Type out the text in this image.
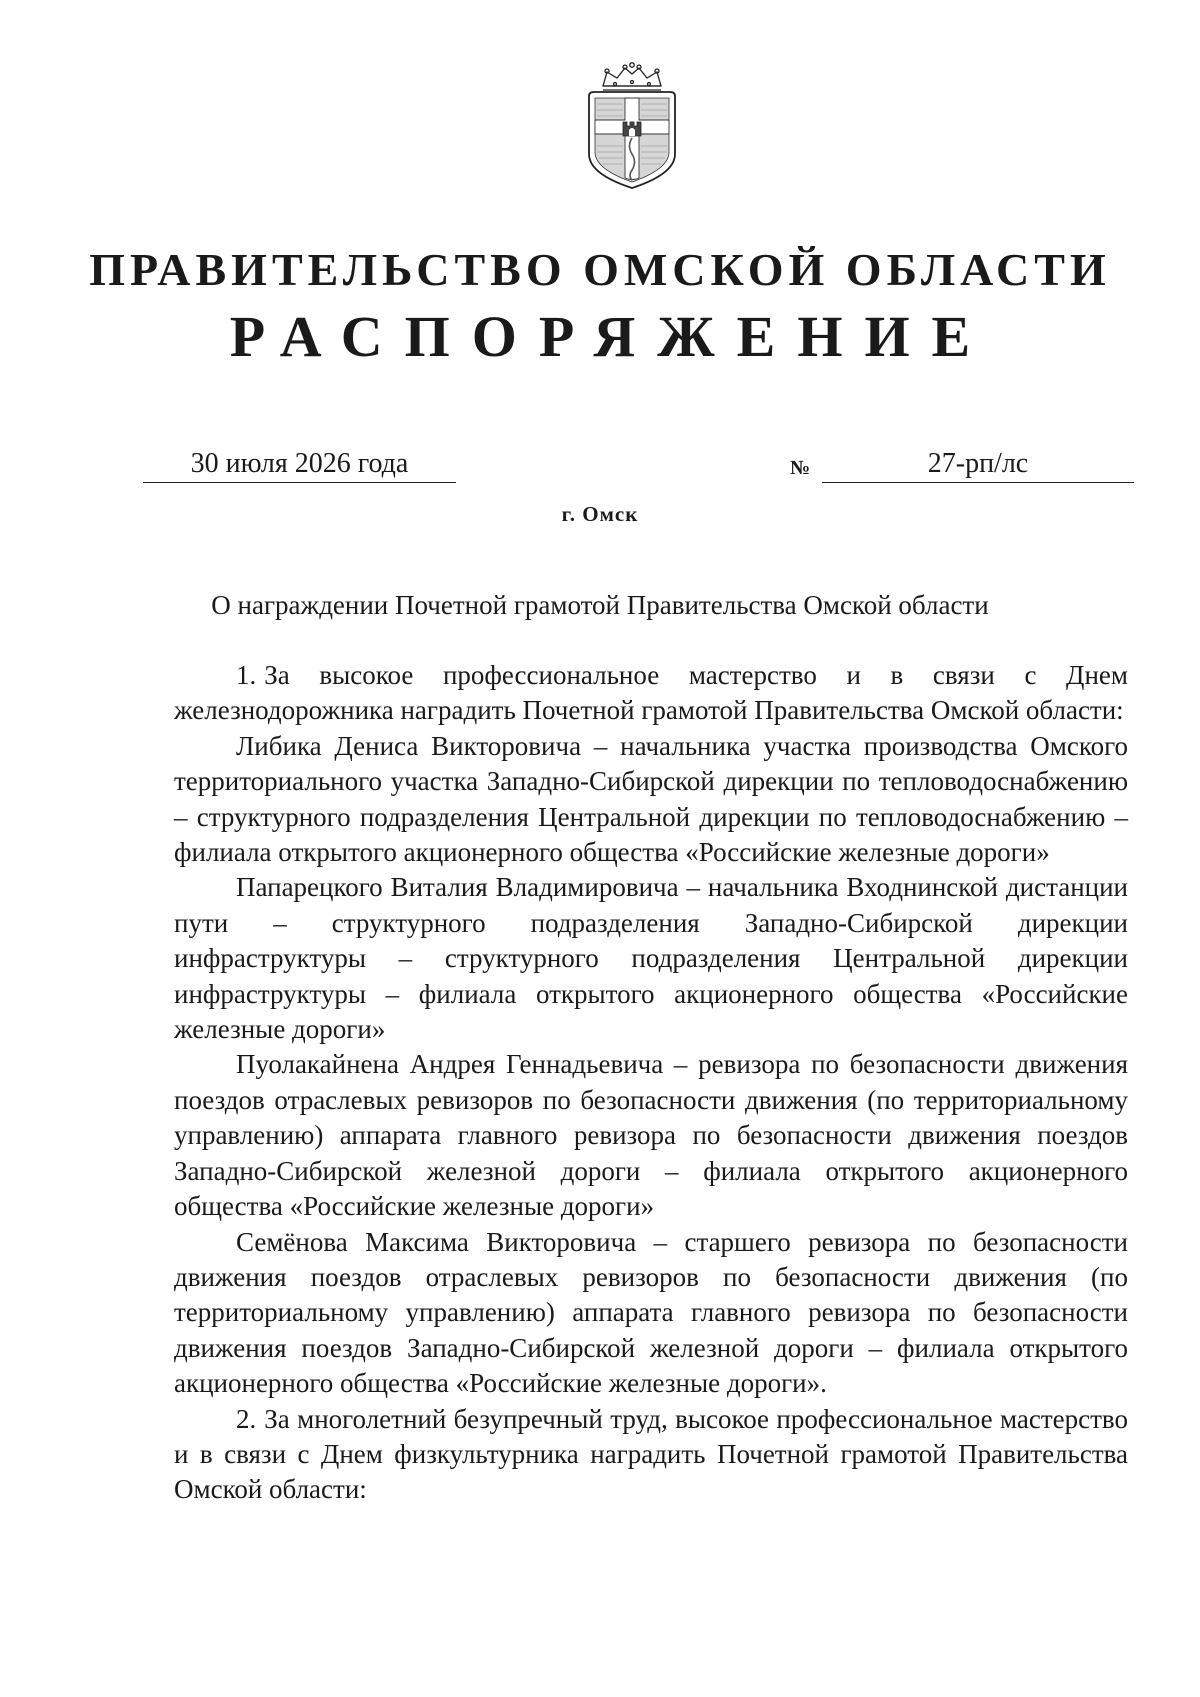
ПРАВИТЕЛЬСТВО ОМСКОЙ ОБЛАСТИ
РАСПОРЯЖЕНИЕ
30 июля 2026 года	№	27-рп/лс
г. Омск
О награждении Почетной грамотой Правительства Омской области

1. За высокое профессиональное мастерство и в связи с Днем железнодорожника наградить Почетной грамотой Правительства Омской области:

Либика Дениса Викторовича – начальника участка производства Омского территориального участка Западно-Сибирской дирекции по тепловодоснабжению – структурного подразделения Центральной дирекции по тепловодоснабжению – филиала открытого акционерного общества «Российские железные дороги»

Папарецкого Виталия Владимировича – начальника Входнинской дистанции пути – структурного подразделения Западно-Сибирской дирекции инфраструктуры – структурного подразделения Центральной дирекции инфраструктуры – филиала открытого акционерного общества «Российские железные дороги»

Пуолакайнена Андрея Геннадьевича – ревизора по безопасности движения поездов отраслевых ревизоров по безопасности движения (по территориальному управлению) аппарата главного ревизора по безопасности движения поездов Западно-Сибирской железной дороги – филиала открытого акционерного общества «Российские железные дороги»

Семёнова Максима Викторовича – старшего ревизора по безопасности движения поездов отраслевых ревизоров по безопасности движения (по территориальному управлению) аппарата главного ревизора по безопасности движения поездов Западно-Сибирской железной дороги – филиала открытого акционерного общества «Российские железные дороги».

2. За многолетний безупречный труд, высокое профессиональное мастерство и в связи с Днем физкультурника наградить Почетной грамотой Правительства Омской области:
